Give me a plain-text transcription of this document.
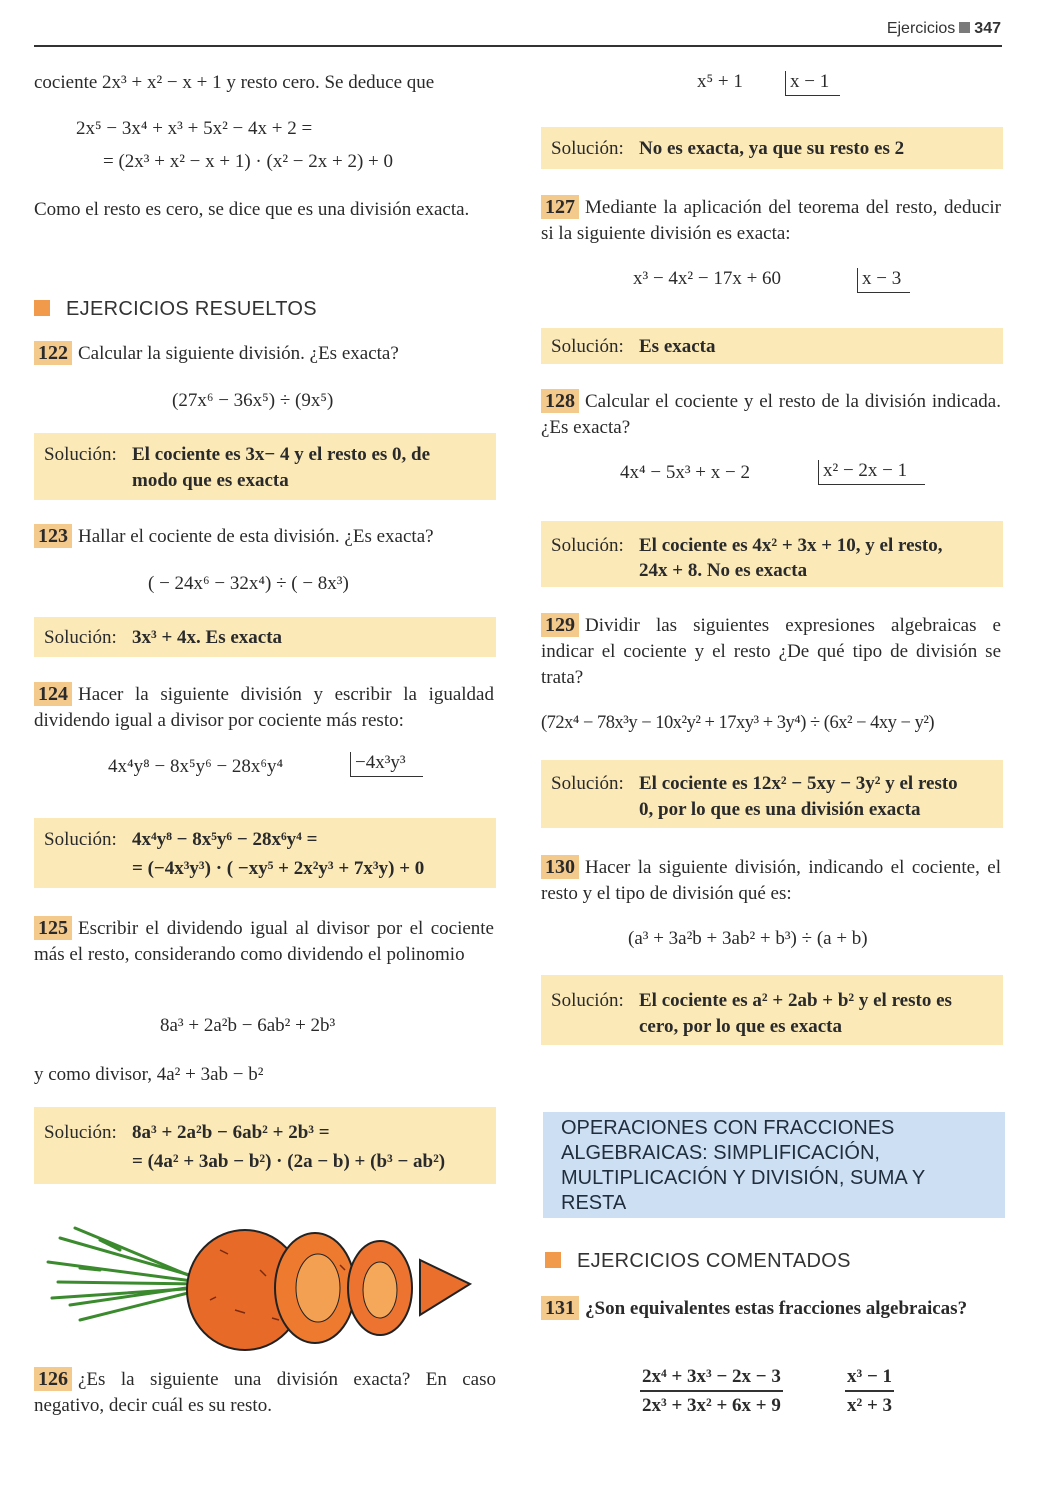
Ejercicios 347
cociente 2x³ + x² − x + 1 y resto cero. Se deduce que
2x⁵ − 3x⁴ + x³ + 5x² − 4x + 2 =
= (2x³ + x² − x + 1) · (x² − 2x + 2) + 0
Como el resto es cero, se dice que es una división exacta.
EJERCICIOS RESUELTOS
122 Calcular la siguiente división. ¿Es exacta?
(27x⁶ − 36x⁵) ÷ (9x⁵)
Solución: El cociente es 3x− 4 y el resto es 0, de
modo que es exacta
123 Hallar el cociente de esta división. ¿Es exacta?
( − 24x⁶ − 32x⁴) ÷ ( − 8x³)
Solución: 3x³ + 4x. Es exacta
124 Hacer la siguiente división y escribir la igualdad dividendo igual a divisor por cociente más resto:
4x⁴y⁸ − 8x⁵y⁶ − 28x⁶y⁴	−4x³y³
Solución: 4x⁴y⁸ − 8x⁵y⁶ − 28x⁶y⁴ =
= (−4x³y³) · ( −xy⁵ + 2x²y³ + 7x³y) + 0
125 Escribir el dividendo igual al divisor por el cociente más el resto, considerando como dividendo el polinomio
8a³ + 2a²b − 6ab² + 2b³
y como divisor, 4a² + 3ab − b²
Solución: 8a³ + 2a²b − 6ab² + 2b³ =
= (4a² + 3ab − b²) · (2a − b) + (b³ − ab²)
126 ¿Es la siguiente una división exacta? En caso negativo, decir cuál es su resto.
x⁵ + 1 x − 1
Solución: No es exacta, ya que su resto es 2
127 Mediante la aplicación del teorema del resto, deducir si la siguiente división es exacta:
x³ − 4x² − 17x + 60	x − 3
Solución: Es exacta
128 Calcular el cociente y el resto de la división indicada. ¿Es exacta?
4x⁴ − 5x³ + x − 2	x² − 2x − 1
Solución: El cociente es 4x² + 3x + 10, y el resto,
24x + 8. No es exacta
129 Dividir las siguientes expresiones algebraicas e indicar el cociente y el resto ¿De qué tipo de división se trata?
(72x⁴ − 78x³y − 10x²y² + 17xy³ + 3y⁴) ÷ (6x² − 4xy − y²)
Solución: El cociente es 12x² − 5xy − 3y² y el resto
0, por lo que es una división exacta
130 Hacer la siguiente división, indicando el cociente, el resto y el tipo de división qué es:
(a³ + 3a²b + 3ab² + b³) ÷ (a + b)
Solución: El cociente es a² + 2ab + b² y el resto es
cero, por lo que es exacta
OPERACIONES CON FRACCIONES ALGEBRAICAS: SIMPLIFICACIÓN, MULTIPLICACIÓN Y DIVISIÓN, SUMA Y RESTA
EJERCICIOS COMENTADOS
131 ¿Son equivalentes estas fracciones algebraicas?
$\frac{\text{2x⁴ + 3x³ − 2x − 3}}{\text{2x³ + 3x² + 6x + 9}}$	$\frac{\text{x³ − 1}}{\text{x² + 3}}$
